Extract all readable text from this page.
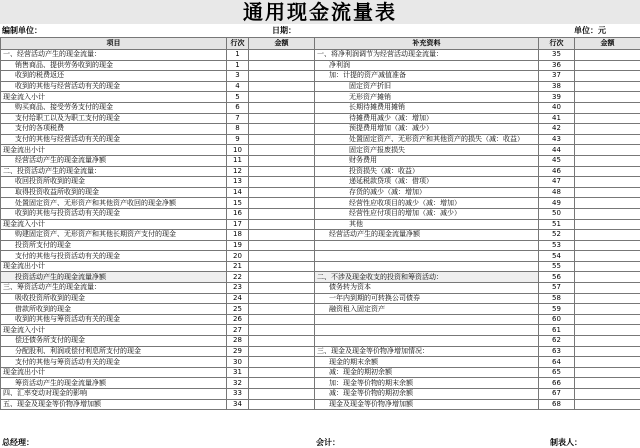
通用现金流量表
编制单位：	日期：	单位：元
项目	行次	金额	补充资料	行次	金额
一、经营活动产生的现金流量：	1		一、将净利润调节为经营活动现金流量：	35	
销售商品、提供劳务收到的现金	1		净利润	36	
收到的税费返还	3		加：计提的资产减值准备	37	
收到的其他与经营活动有关的现金	4		固定资产折旧	38	
现金流入小计	5		无形资产摊销	39	
购买商品、接受劳务支付的现金	6		长期待摊费用摊销	40	
支付给职工以及为职工支付的现金	7		待摊费用减少（减：增加）	41	
支付的各项税费	8		预提费用增加（减：减少）	42	
支付的其他与经营活动有关的现金	9		处置固定资产、无形资产和其他资产的损失（减：收益）	43	
现金流出小计	10		固定资产报废损失	44	
经营活动产生的现金流量净额	11		财务费用	45	
二、投资活动产生的现金流量：	12		投资损失（减：收益）	46	
收回投资所收到的现金	13		递延税款贷项（减：借项）	47	
取得投资收益所收到的现金	14		存货的减少（减：增加）	48	
处置固定资产、无形资产和其他资产收回的现金净额	15		经营性应收项目的减少（减：增加）	49	
收到的其他与投资活动有关的现金	16		经营性应付项目的增加（减：减少）	50	
现金流入小计	17		其他	51	
购建固定资产、无形资产和其他长期资产支付的现金	18		经营活动产生的现金流量净额	52	
投资所支付的现金	19			53	
支付的其他与投资活动有关的现金	20			54	
现金流出小计	21			55	
投资活动产生的现金流量净额	22		二、不涉及现金收支的投资和筹资活动：	56	
三、筹资活动产生的现金流量：	23		债务转为资本	57	
吸收投资所收到的现金	24		一年内到期的可转换公司债券	58	
借款所收到的现金	25		融资租入固定资产	59	
收到的其他与筹资活动有关的现金	26			60	
现金流入小计	27			61	
偿还债务所支付的现金	28			62	
分配股利、利润或偿付利息所支付的现金	29		三、现金及现金等价物净增加情况：	63	
支付的其他与筹资活动有关的现金	30		现金的期末余额	64	
现金流出小计	31		减：现金的期初余额	65	
筹资活动产生的现金流量净额	32		加：现金等价物的期末余额	66	
四、汇率变动对现金的影响	33		减：现金等价物的期初余额	67	
五、现金及现金等价物净增加额	34		现金及现金等价物净增加额	68	
总经理：	会计：	制表人：
